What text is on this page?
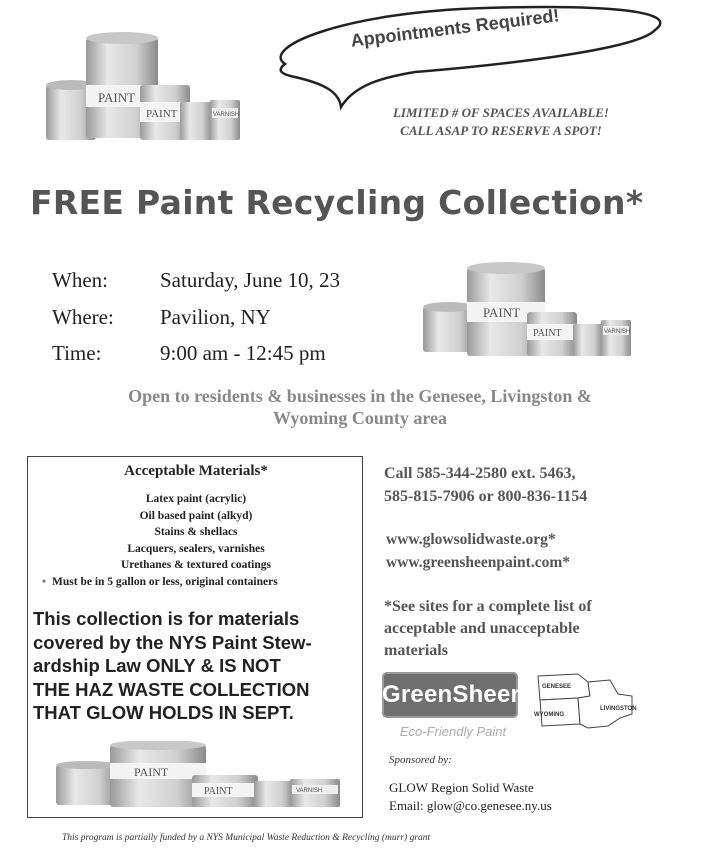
PAINT
PAINT	VARNISH
Appointments Required!
LIMITED # OF SPACES AVAILABLE!
CALL ASAP TO RESERVE A SPOT!
FREE Paint Recycling Collection*
When: Saturday, June 10, 23
Where: Pavilion, NY
Time:	9:00 am - 12:45 pm
PAINT
PAINT	VARNISH
Open to residents & businesses in the Genesee, Livingston &
Wyoming County area
Acceptable Materials*
Latex paint (acrylic)
Oil based paint (alkyd)
Stains & shellacs
Lacquers, sealers, varnishes
Urethanes & textured coatings
• Must be in 5 gallon or less, original containers
This collection is for materials
covered by the NYS Paint Stew-
ardship Law ONLY & IS NOT
THE HAZ WASTE COLLECTION
THAT GLOW HOLDS IN SEPT.
PAINT
PAINT	VARNISH
Call 585-344-2580 ext. 5463,
585-815-7906 or 800-836-1154
www.glowsolidwaste.org*
www.greensheenpaint.com*
*See sites for a complete list of
acceptable and unacceptable
materials
GreenSheen
Eco-Friendly Paint
GENESEE
WYOMING
LIVINGSTON
Sponsored by:
GLOW Region Solid Waste
Email: glow@co.genesee.ny.us
This program is partially funded by a NYS Municipal Waste Reduction & Recycling (murr) grant
